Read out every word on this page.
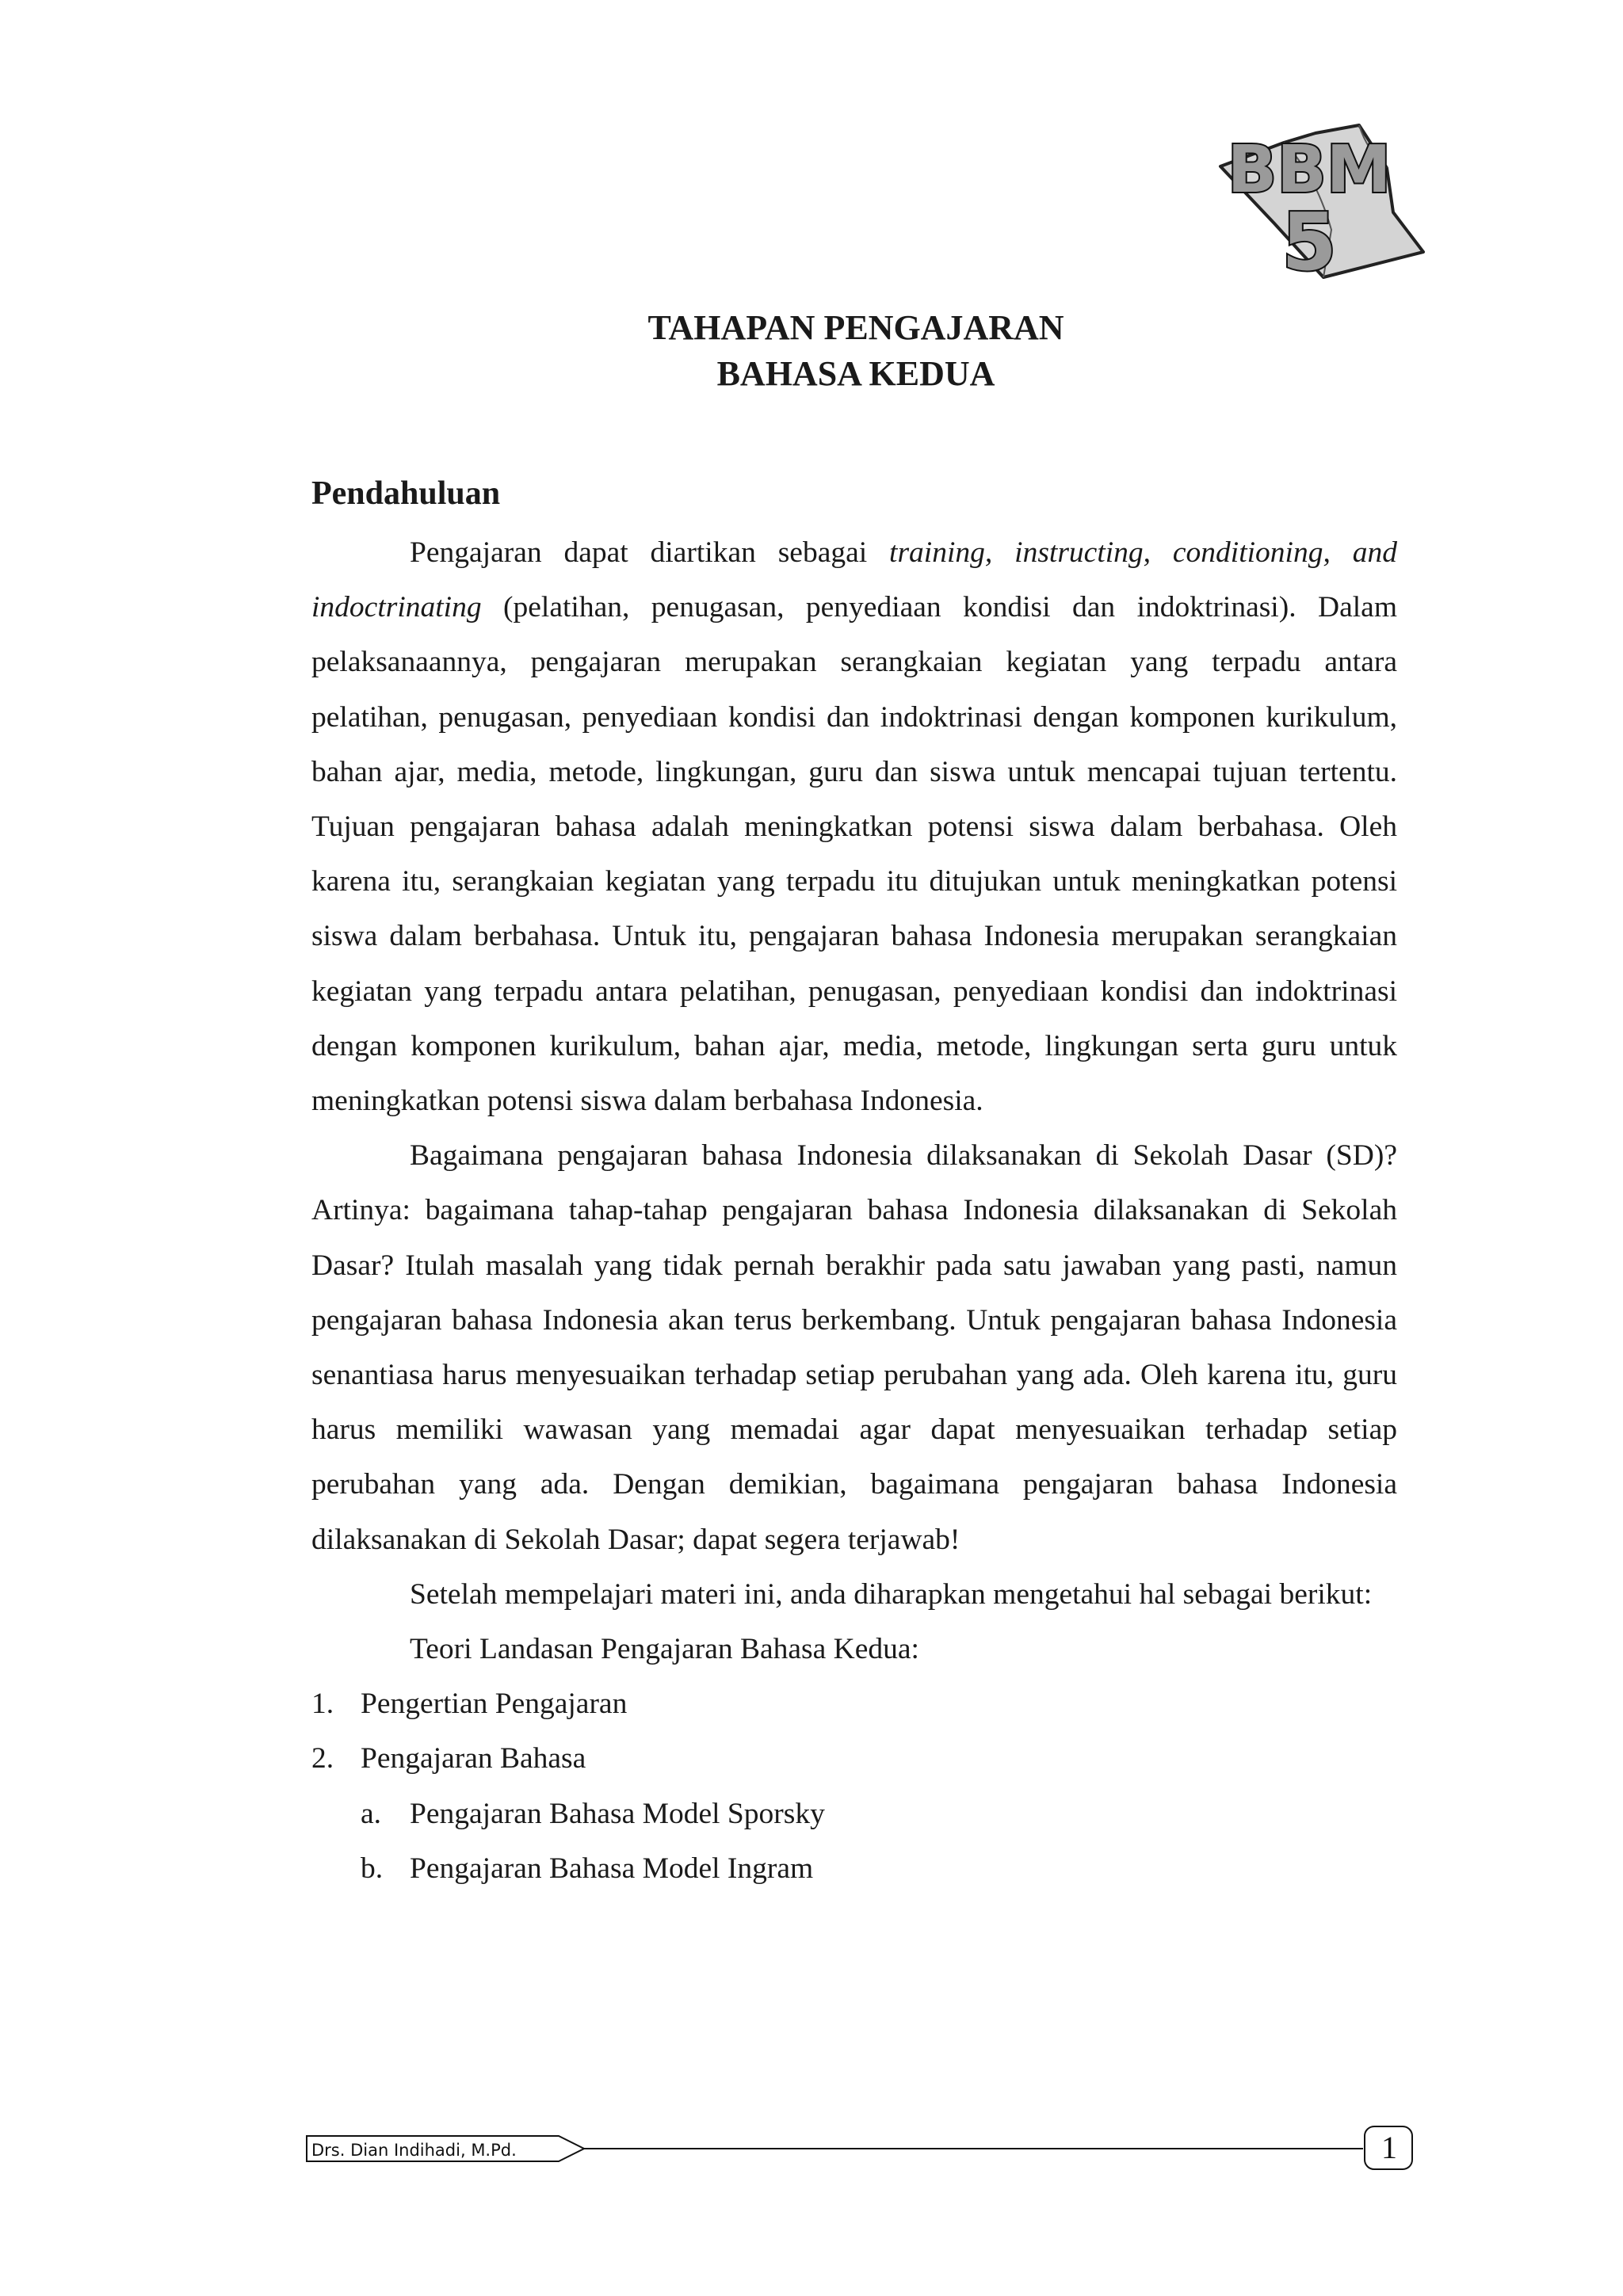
BBM
5
TAHAPAN PENGAJARAN
BAHASA KEDUA
Pendahuluan

Pengajaran dapat diartikan sebagai training, instructing, conditioning, and indoctrinating (pelatihan, penugasan, penyediaan kondisi dan indoktrinasi). Dalam pelaksanaannya, pengajaran merupakan serangkaian kegiatan yang terpadu antara pelatihan, penugasan, penyediaan kondisi dan indoktrinasi dengan komponen kurikulum, bahan ajar, media, metode, lingkungan, guru dan siswa untuk mencapai tujuan tertentu. Tujuan pengajaran bahasa adalah meningkatkan potensi siswa dalam berbahasa. Oleh karena itu, serangkaian kegiatan yang terpadu itu ditujukan untuk meningkatkan potensi siswa dalam berbahasa. Untuk itu, pengajaran bahasa Indonesia merupakan serangkaian kegiatan yang terpadu antara pelatihan, penugasan, penyediaan kondisi dan indoktrinasi dengan komponen kurikulum, bahan ajar, media, metode, lingkungan serta guru untuk meningkatkan potensi siswa dalam berbahasa Indonesia.

Bagaimana pengajaran bahasa Indonesia dilaksanakan di Sekolah Dasar (SD)? Artinya: bagaimana tahap-tahap pengajaran bahasa Indonesia dilaksanakan di Sekolah Dasar? Itulah masalah yang tidak pernah berakhir pada satu jawaban yang pasti, namun pengajaran bahasa Indonesia akan terus berkembang. Untuk pengajaran bahasa Indonesia senantiasa harus menyesuaikan terhadap setiap perubahan yang ada. Oleh karena itu, guru harus memiliki wawasan yang memadai agar dapat menyesuaikan terhadap setiap perubahan yang ada. Dengan demikian, bagaimana pengajaran bahasa Indonesia dilaksanakan di Sekolah Dasar; dapat segera terjawab!

Setelah mempelajari materi ini, anda diharapkan mengetahui hal sebagai berikut:

Teori Landasan Pengajaran Bahasa Kedua:
1. Pengertian Pengajaran
2. Pengajaran Bahasa
a. Pengajaran Bahasa Model Sporsky
b. Pengajaran Bahasa Model Ingram
Drs. Dian Indihadi, M.Pd.	1
